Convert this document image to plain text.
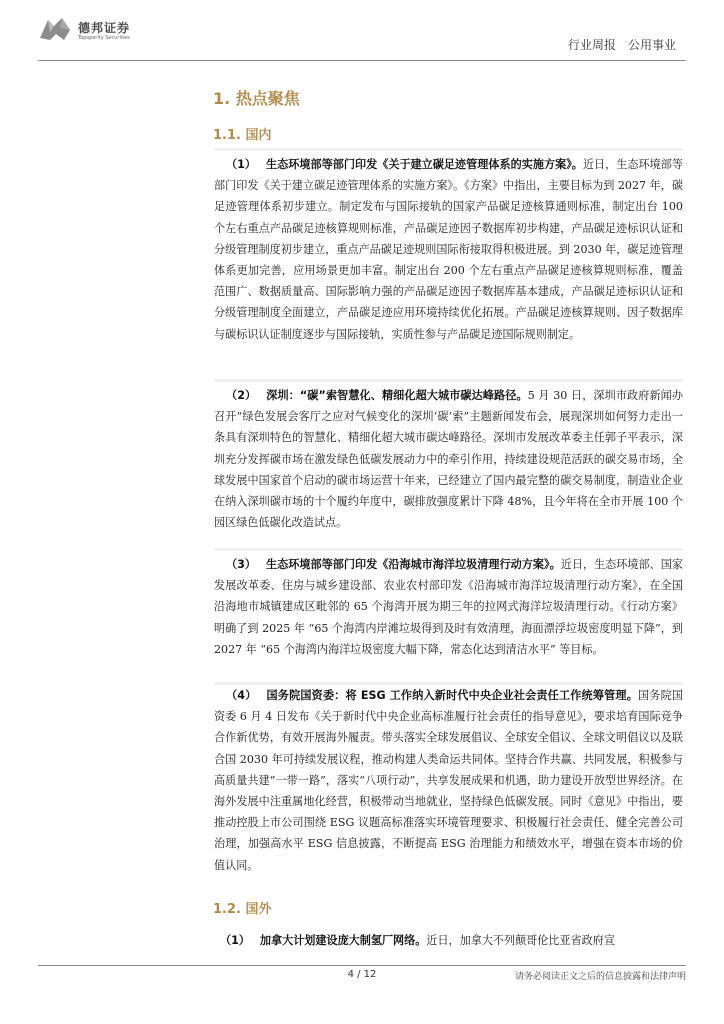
德邦证券
Topsperity Securities	行业周报 公用事业
1. 热点聚焦
1.1. 国内
（1） 生态环境部等部门印发《关于建立碳足迹管理体系的实施方案》。近日，生态环境部等部门印发《关于建立碳足迹管理体系的实施方案》。《方案》中指出，主要目标为到 2027 年，碳足迹管理体系初步建立。制定发布与国际接轨的国家产品碳足迹核算通则标准，制定出台 100 个左右重点产品碳足迹核算规则标准，产品碳足迹因子数据库初步构建，产品碳足迹标识认证和分级管理制度初步建立，重点产品碳足迹规则国际衔接取得积极进展。到 2030 年，碳足迹管理体系更加完善，应用场景更加丰富。制定出台 200 个左右重点产品碳足迹核算规则标准，覆盖范围广、数据质量高、国际影响力强的产品碳足迹因子数据库基本建成，产品碳足迹标识认证和分级管理制度全面建立，产品碳足迹应用环境持续优化拓展。产品碳足迹核算规则、因子数据库与碳标识认证制度逐步与国际接轨，实质性参与产品碳足迹国际规则制定。
（2） 深圳：“碳”索智慧化、精细化超大城市碳达峰路径。5 月 30 日，深圳市政府新闻办召开“绿色发展会客厅之应对气候变化的深圳‘碳’索”主题新闻发布会，展现深圳如何努力走出一条具有深圳特色的智慧化、精细化超大城市碳达峰路径。深圳市发展改革委主任郭子平表示，深圳充分发挥碳市场在激发绿色低碳发展动力中的牵引作用，持续建设规范活跃的碳交易市场，全球发展中国家首个启动的碳市场运营十年来，已经建立了国内最完整的碳交易制度，制造业企业在纳入深圳碳市场的十个履约年度中，碳排放强度累计下降 48%，且今年将在全市开展 100 个园区绿色低碳化改造试点。
（3） 生态环境部等部门印发《沿海城市海洋垃圾清理行动方案》。近日，生态环境部、国家发展改革委、住房与城乡建设部、农业农村部印发《沿海城市海洋垃圾清理行动方案》，在全国沿海地市城镇建成区毗邻的 65 个海湾开展为期三年的拉网式海洋垃圾清理行动。《行动方案》明确了到 2025 年 “65 个海湾内岸滩垃圾得到及时有效清理，海面漂浮垃圾密度明显下降”，到 2027 年 “65 个海湾内海洋垃圾密度大幅下降，常态化达到清洁水平” 等目标。
（4） 国务院国资委：将 ESG 工作纳入新时代中央企业社会责任工作统筹管理。国务院国资委 6 月 4 日发布《关于新时代中央企业高标准履行社会责任的指导意见》，要求培育国际竞争合作新优势，有效开展海外履责。带头落实全球发展倡议、全球安全倡议、全球文明倡议以及联合国 2030 年可持续发展议程，推动构建人类命运共同体。坚持合作共赢、共同发展，积极参与高质量共建“一带一路”，落实“八项行动”，共享发展成果和机遇，助力建设开放型世界经济。在海外发展中注重属地化经营，积极带动当地就业，坚持绿色低碳发展。同时《意见》中指出，要推动控股上市公司围绕 ESG 议题高标准落实环境管理要求、积极履行社会责任、健全完善公司治理，加强高水平 ESG 信息披露，不断提高 ESG 治理能力和绩效水平，增强在资本市场的价值认同。
1.2. 国外
（1） 加拿大计划建设庞大制氢厂网络。近日，加拿大不列颠哥伦比亚省政府宣
4 / 12	请务必阅读正文之后的信息披露和法律声明
